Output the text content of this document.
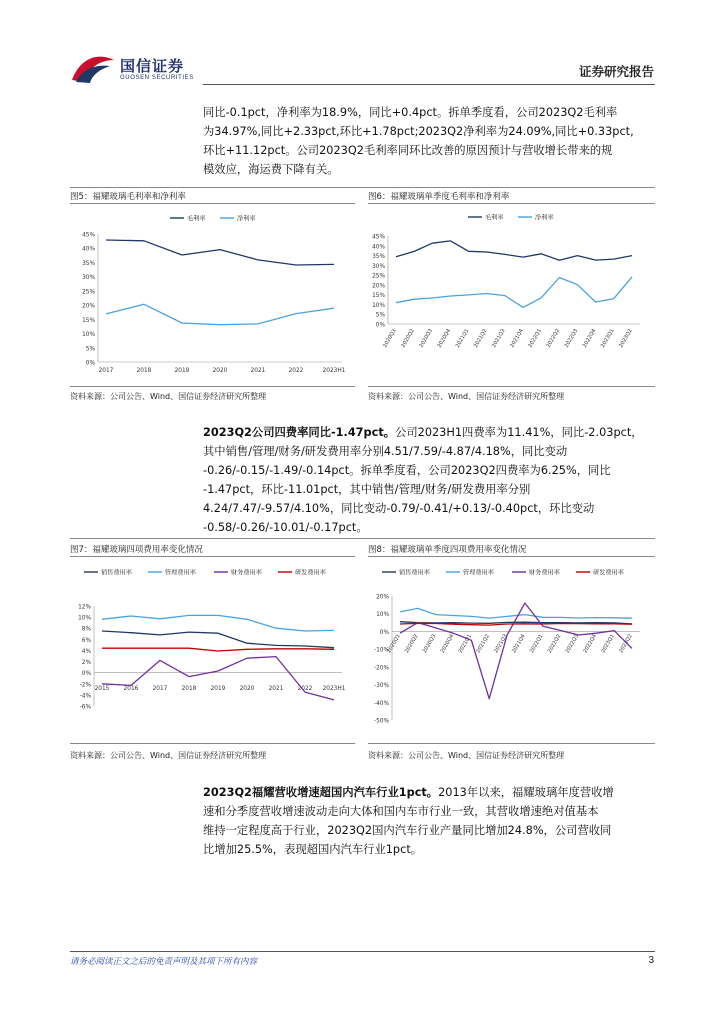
国信证券
GUOSEN SECURITIES	证券研究报告
同比-0.1pct，净利率为18.9%，同比+0.4pct。拆单季度看，公司2023Q2毛利率
为34.97%,同比+2.33pct,环比+1.78pct;2023Q2净利率为24.09%,同比+0.33pct,
环比+11.12pct。公司2023Q2毛利率同环比改善的原因预计与营收增长带来的规
模效应，海运费下降有关。
图5：福耀玻璃毛利率和净利率	图6：福耀玻璃单季度毛利率和净利率
0%
5%
10%
15%
20%
25%
30%
35%
40%
45%
2017	2018	2019	2020	2021	2022	2023H1
毛利率	净利率
0%
5%
10%
15%
20%
25%
30%
35%
40%
45%
2020Q1 2020Q2 2020Q3 2020Q4 2021Q1 2021Q2 2021Q3 2021Q4 2022Q1 2022Q2 2022Q3 2022Q4 2023Q1 2023Q2
毛利率	净利率
资料来源：公司公告、Wind、国信证券经济研究所整理	资料来源：公司公告、Wind、国信证券经济研究所整理
2023Q2公司四费率同比-1.47pct。公司2023H1四费率为11.41%，同比-2.03pct，
其中销售/管理/财务/研发费用率分别4.51/7.59/-4.87/4.18%，同比变动
-0.26/-0.15/-1.49/-0.14pct。拆单季度看，公司2023Q2四费率为6.25%，同比
-1.47pct，环比-11.01pct，其中销售/管理/财务/研发费用率分别
4.24/7.47/-9.57/4.10%，同比变动-0.79/-0.41/+0.13/-0.40pct，环比变动
-0.58/-0.26/-10.01/-0.17pct。
图7：福耀玻璃四项费用率变化情况	图8：福耀玻璃单季度四项费用率变化情况
-6%
-4%
-2%
0%
2%
4%
6%
8%
10%
12%
2015 2016 2017 2018 2019 2020 2021 2022 2023H1
销售费用率	管理费用率	财务费用率	研发费用率
-50%
-40%
-30%
-20%
-10%
0%
10%
20%
2020Q1 2020Q2 2020Q3 2020Q4 2021Q1 2021Q2 2021Q3 2021Q4 2022Q1 2022Q2 2022Q3 2022Q4 2023Q1 2023Q2
销售费用率	管理费用率	财务费用率	研发费用率
资料来源：公司公告、Wind、国信证券经济研究所整理	资料来源：公司公告、Wind、国信证券经济研究所整理
2023Q2福耀营收增速超国内汽车行业1pct。2013年以来，福耀玻璃年度营收增
速和分季度营收增速波动走向大体和国内车市行业一致，其营收增速绝对值基本
维持一定程度高于行业，2023Q2国内汽车行业产量同比增加24.8%，公司营收同
比增加25.5%，表现超国内汽车行业1pct。
请务必阅读正文之后的免责声明及其项下所有内容	3
